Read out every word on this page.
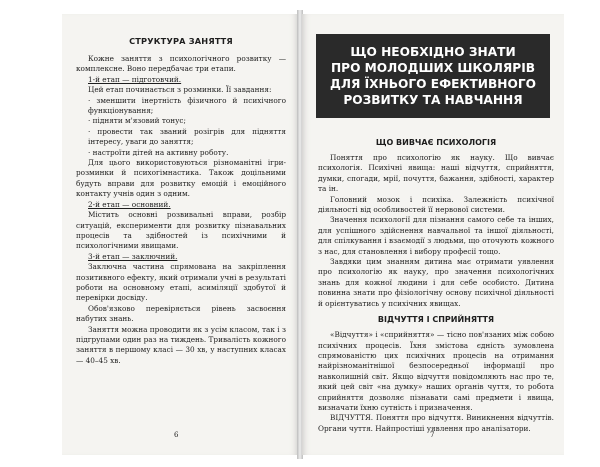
СТРУКТУРА ЗАНЯТТЯ

Кожне заняття з психологічного розвитку — комплексне. Воно передбачає три етапи.

1-й етап — підготовчий.

Цей етап починається з розминки. Її завдання:

· зменшити інертність фізичного й психічного функціонування;

· підняти м'язовий тонус;

· провести так званий розігрів для підняття інтересу, уваги до заняття;

· настроїти дітей на активну роботу.

Для цього використовуються різноманітні ігри-розминки й психогімнастика. Також доцільними будуть вправи для розвитку емоцій і емоційного контакту учнів один з одним.

2-й етап — основний.

Містить основні розвивальні вправи, розбір ситуацій, експерименти для розвитку пізнавальних процесів та здібностей із психічними й психологічними явищами.

3-й етап — заключний.

Заключна частина спрямована на закріплення позитивного ефекту, який отримали учні в результаті роботи на основному етапі, асиміляції здобутої й перевірки досвіду.

Обов'язково перевіряється рівень засвоєння набутих знань.

Заняття можна проводити як з усім класом, так і з підгрупами один раз на тиждень. Тривалість кожного заняття в першому класі — 30 хв, у наступних класах — 40–45 хв.

6

ЩО НЕОБХІДНО ЗНАТИ
ПРО МОЛОДШИХ ШКОЛЯРІВ
ДЛЯ ЇХНЬОГО ЕФЕКТИВНОГО
РОЗВИТКУ ТА НАВЧАННЯ

ЩО ВИВЧАЄ ПСИХОЛОГІЯ

Поняття про психологію як науку. Що вивчає психологія. Психічні явища: наші відчуття, сприйняття, думки, спогади, мрії, почуття, бажання, здібності, характер та ін.

Головний мозок і психіка. Залежність психічної діяльності від особливостей її нервової системи.

Значення психології для пізнання самого себе та інших, для успішного здійснення навчальної та іншої діяльності, для спілкування і взаємодії з людьми, що оточують кожного з нас, для становлення і вибору професії тощо.

Завдяки цим знанням дитина має отримати уявлення про психологію як науку, про значення психологічних знань для кожної людини і для себе особисто. Дитина повинна знати про фізіологічну основу психічної діяльності й орієнтуватись у психічних явищах.

ВІДЧУТТЯ І СПРИЙНЯТТЯ

«Відчуття» і «сприйняття» — тісно пов'язаних між собою психічних процесів. Їхня змістова єдність зумовлена спрямованістю цих психічних процесів на отримання найрізноманітнішої безпосередньої інформації про навколишній світ. Якщо відчуття повідомляють нас про те, який цей світ «на думку» наших органів чуття, то робота сприйняття дозволяє пізнавати самі предмети і явища, визначати їхню сутність і призначення.

ВІДЧУТТЯ. Поняття про відчуття. Виникнення відчуттів. Органи чуття. Найпростіші уявлення про аналізатори.

7
